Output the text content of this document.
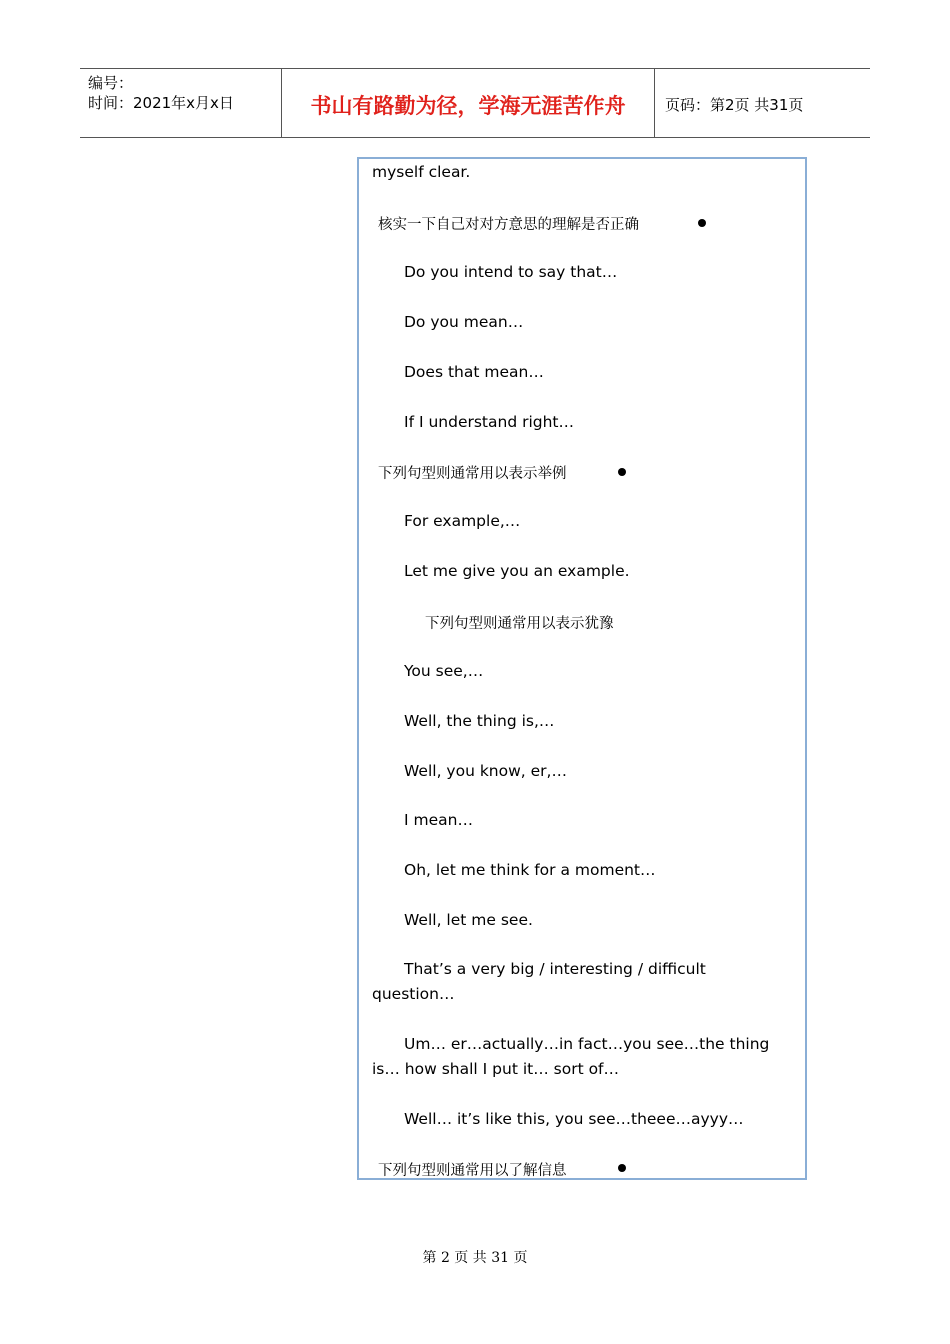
编号：
时间：2021年x月x日	书山有路勤为径，学海无涯苦作舟	页码：第2页 共31页
myself clear.
核实一下自己对对方意思的理解是否正确
Do you intend to say that…
Do you mean…
Does that mean…
If I understand right…
下列句型则通常用以表示举例
For example,…
Let me give you an example.
下列句型则通常用以表示犹豫
You see,…
Well, the thing is,…
Well, you know, er,…
I mean…
Oh, let me think for a moment…
Well, let me see.
That’s a very big / interesting / difficult question…
Um… er…actually…in fact…you see…the thing is… how shall I put it… sort of…
Well… it’s like this, you see…theee…ayyy…
下列句型则通常用以了解信息
第 2 页 共 31 页
